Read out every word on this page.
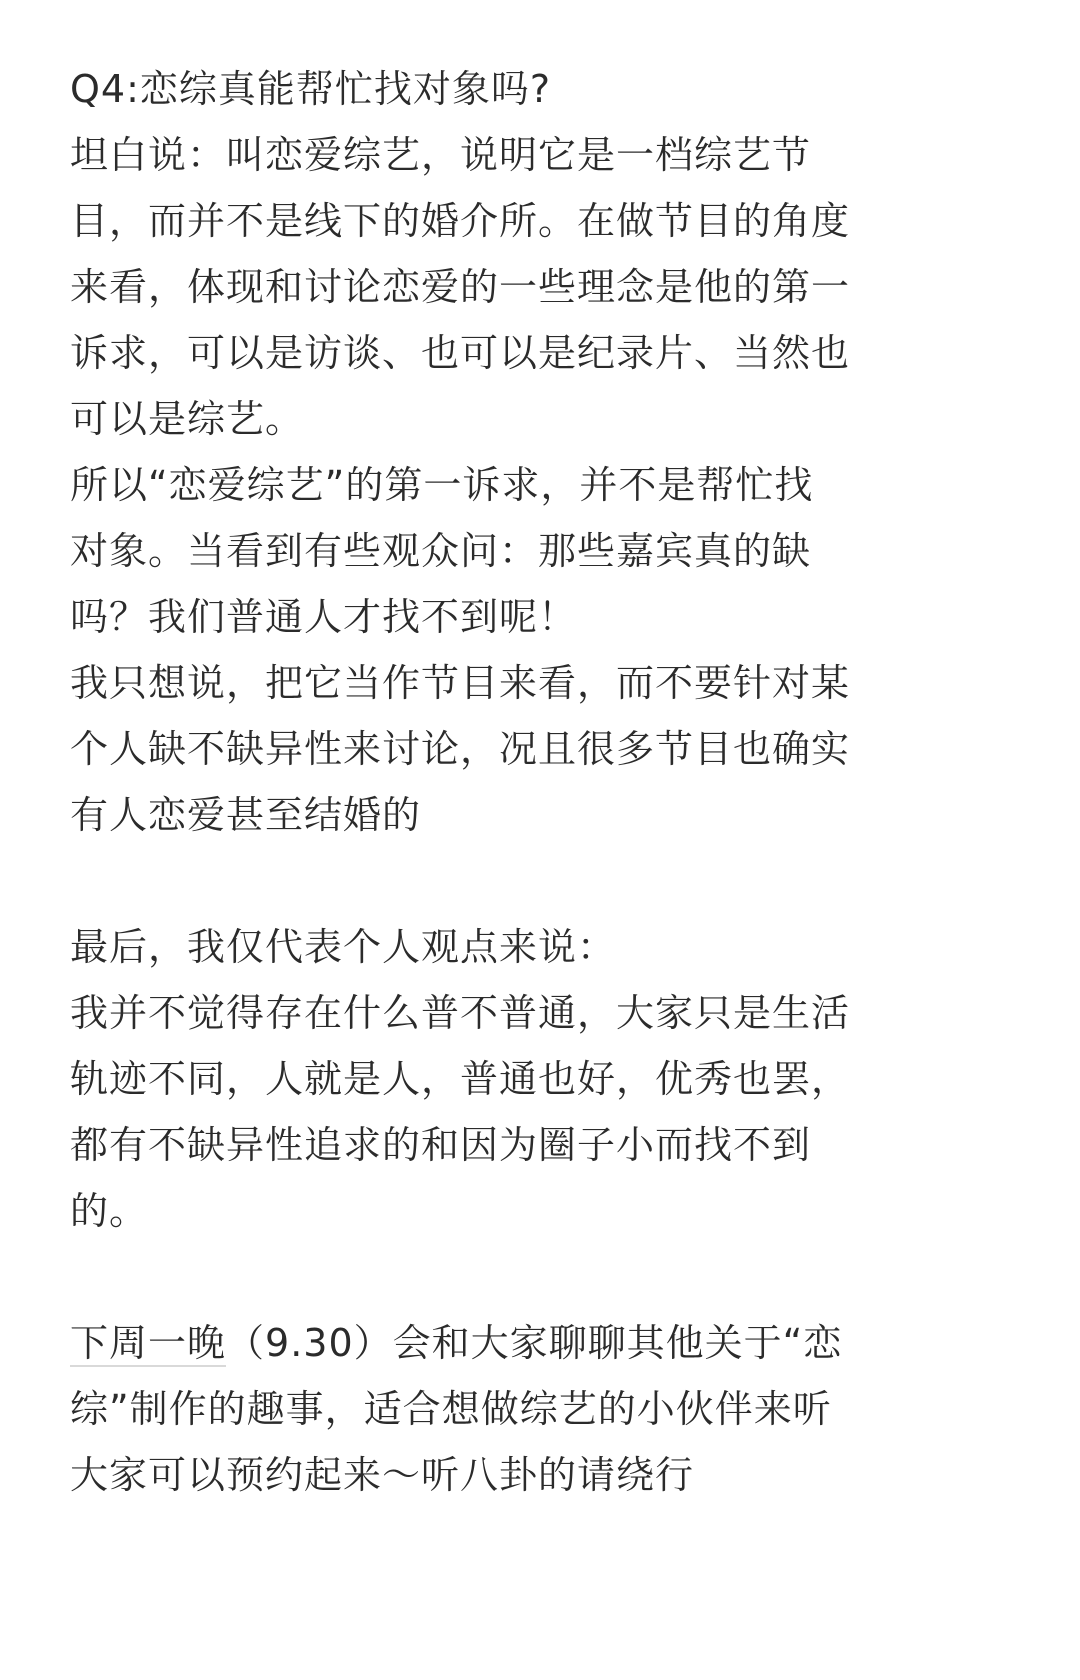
Q4:恋综真能帮忙找对象吗?
坦白说：叫恋爱综艺，说明它是一档综艺节
目，而并不是线下的婚介所。在做节目的角度
来看，体现和讨论恋爱的一些理念是他的第一
诉求，可以是访谈、也可以是纪录片、当然也
可以是综艺。
所以“恋爱综艺”的第一诉求，并不是帮忙找
对象。当看到有些观众问：那些嘉宾真的缺
吗？我们普通人才找不到呢！
我只想说，把它当作节目来看，而不要针对某
个人缺不缺异性来讨论，况且很多节目也确实
有人恋爱甚至结婚的
最后，我仅代表个人观点来说：
我并不觉得存在什么普不普通，大家只是生活
轨迹不同，人就是人，普通也好，优秀也罢，
都有不缺异性追求的和因为圈子小而找不到
的。
下周一晚（9.30）会和大家聊聊其他关于“恋
综”制作的趣事，适合想做综艺的小伙伴来听
大家可以预约起来～听八卦的请绕行
